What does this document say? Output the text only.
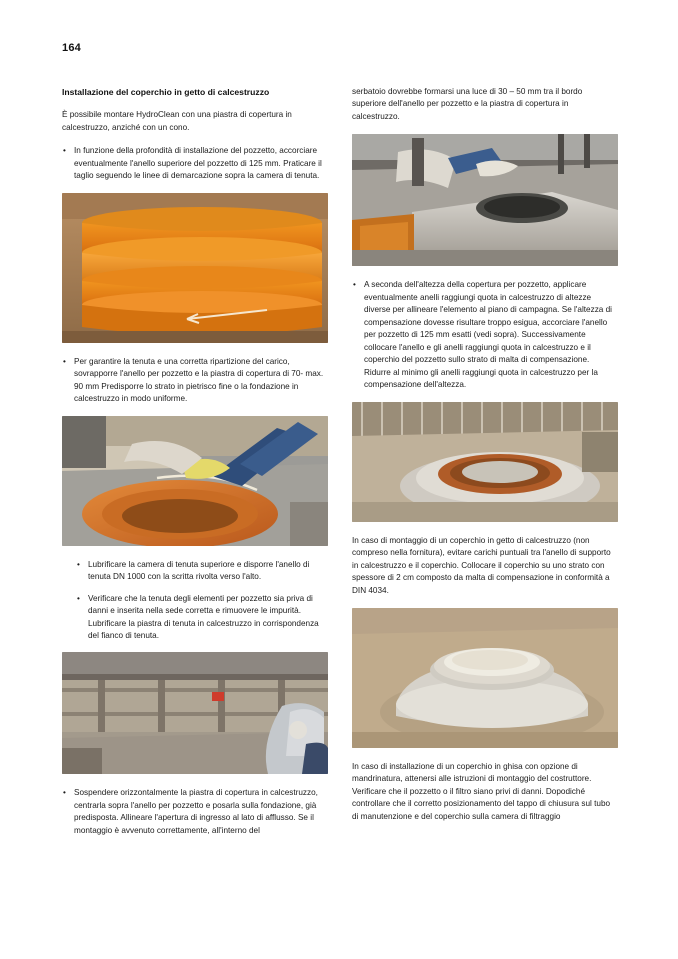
164
Installazione del coperchio in getto di calcestruzzo

È possibile montare HydroClean con una piastra di copertura in calcestruzzo, anziché con un cono.

• In funzione della profondità di installazione del pozzetto, accorciare eventualmente l'anello superiore del pozzetto di 125 mm. Praticare il taglio seguendo le linee di demarcazione sopra la camera di tenuta.
• Per garantire la tenuta e una corretta ripartizione del carico, sovrapporre l'anello per pozzetto e la piastra di copertura di 70- max. 90 mm Predisporre lo strato in pietrisco fine o la fondazione in calcestruzzo in modo uniforme.
• Lubrificare la camera di tenuta superiore e disporre l'anello di tenuta DN 1000 con la scritta rivolta verso l'alto.
• Verificare che la tenuta degli elementi per pozzetto sia priva di danni e inserita nella sede corretta e rimuovere le impurità. Lubrificare la piastra di tenuta in calcestruzzo in corrispondenza del fianco di tenuta.
• Sospendere orizzontalmente la piastra di copertura in calcestruzzo, centrarla sopra l'anello per pozzetto e posarla sulla fondazione, già predisposta. Allineare l'apertura di ingresso al lato di afflusso. Se il montaggio è avvenuto correttamente, all'interno del

serbatoio dovrebbe formarsi una luce di 30 – 50 mm tra il bordo superiore dell'anello per pozzetto e la piastra di copertura in calcestruzzo.

• A seconda dell'altezza della copertura per pozzetto, applicare eventualmente anelli raggiungi quota in calcestruzzo di altezze diverse per allineare l'elemento al piano di campagna. Se l'altezza di compensazione dovesse risultare troppo esigua, accorciare l'anello per pozzetto di 125 mm esatti (vedi sopra). Successivamente collocare l'anello e gli anelli raggiungi quota in calcestruzzo e il coperchio del pozzetto sullo strato di malta di compensazione. Ridurre al minimo gli anelli raggiungi quota in calcestruzzo per la compensazione dell'altezza.

In caso di montaggio di un coperchio in getto di calcestruzzo (non compreso nella fornitura), evitare carichi puntuali tra l'anello di supporto in calcestruzzo e il coperchio. Collocare il coperchio su uno strato con spessore di 2 cm composto da malta di compensazione in conformità a DIN 4034.

In caso di installazione di un coperchio in ghisa con opzione di mandrinatura, attenersi alle istruzioni di montaggio del costruttore. Verificare che il pozzetto o il filtro siano privi di danni. Dopodiché controllare che il corretto posizionamento del tappo di chiusura sul tubo di manutenzione e del coperchio sulla camera di filtraggio
